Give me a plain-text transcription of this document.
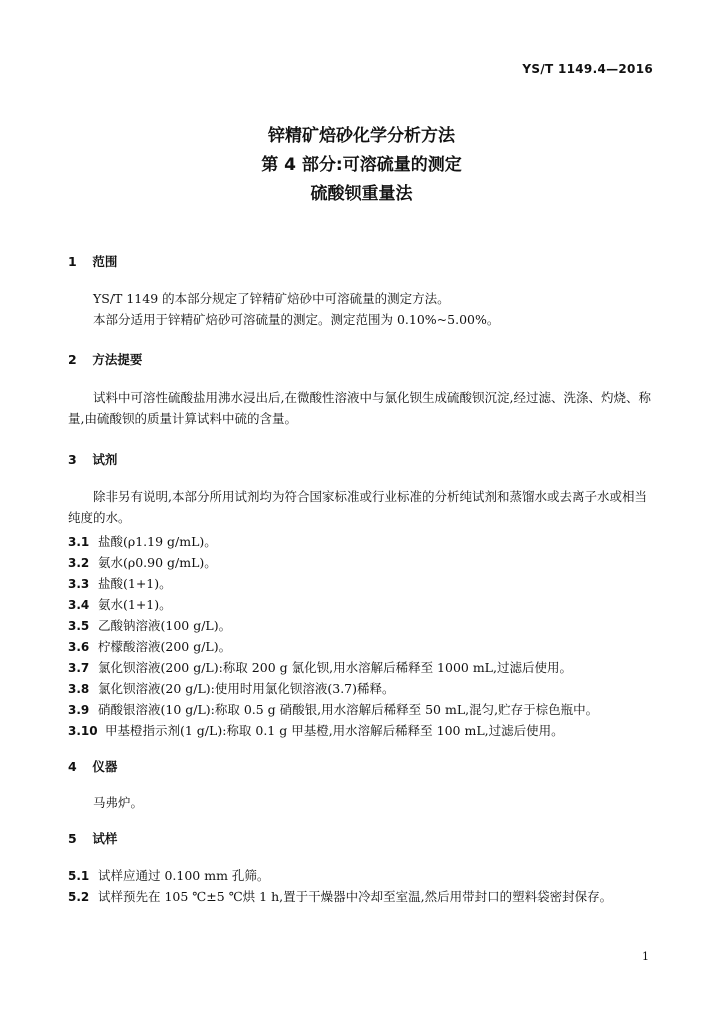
YS/T 1149.4—2016
锌精矿焙砂化学分析方法
第 4 部分:可溶硫量的测定
硫酸钡重量法
1 范围
YS/T 1149 的本部分规定了锌精矿焙砂中可溶硫量的测定方法。
本部分适用于锌精矿焙砂可溶硫量的测定。测定范围为 0.10%~5.00%。
2 方法提要
试料中可溶性硫酸盐用沸水浸出后,在微酸性溶液中与氯化钡生成硫酸钡沉淀,经过滤、洗涤、灼烧、称量,由硫酸钡的质量计算试料中硫的含量。
3 试剂
除非另有说明,本部分所用试剂均为符合国家标准或行业标准的分析纯试剂和蒸馏水或去离子水或相当纯度的水。
3.1 盐酸(ρ1.19 g/mL)。
3.2 氨水(ρ0.90 g/mL)。
3.3 盐酸(1+1)。
3.4 氨水(1+1)。
3.5 乙酸钠溶液(100 g/L)。
3.6 柠檬酸溶液(200 g/L)。
3.7 氯化钡溶液(200 g/L):称取 200 g 氯化钡,用水溶解后稀释至 1000 mL,过滤后使用。
3.8 氯化钡溶液(20 g/L):使用时用氯化钡溶液(3.7)稀释。
3.9 硝酸银溶液(10 g/L):称取 0.5 g 硝酸银,用水溶解后稀释至 50 mL,混匀,贮存于棕色瓶中。
3.10 甲基橙指示剂(1 g/L):称取 0.1 g 甲基橙,用水溶解后稀释至 100 mL,过滤后使用。
4 仪器
马弗炉。
5 试样
5.1 试样应通过 0.100 mm 孔筛。
5.2 试样预先在 105 ℃±5 ℃烘 1 h,置于干燥器中冷却至室温,然后用带封口的塑料袋密封保存。
1
